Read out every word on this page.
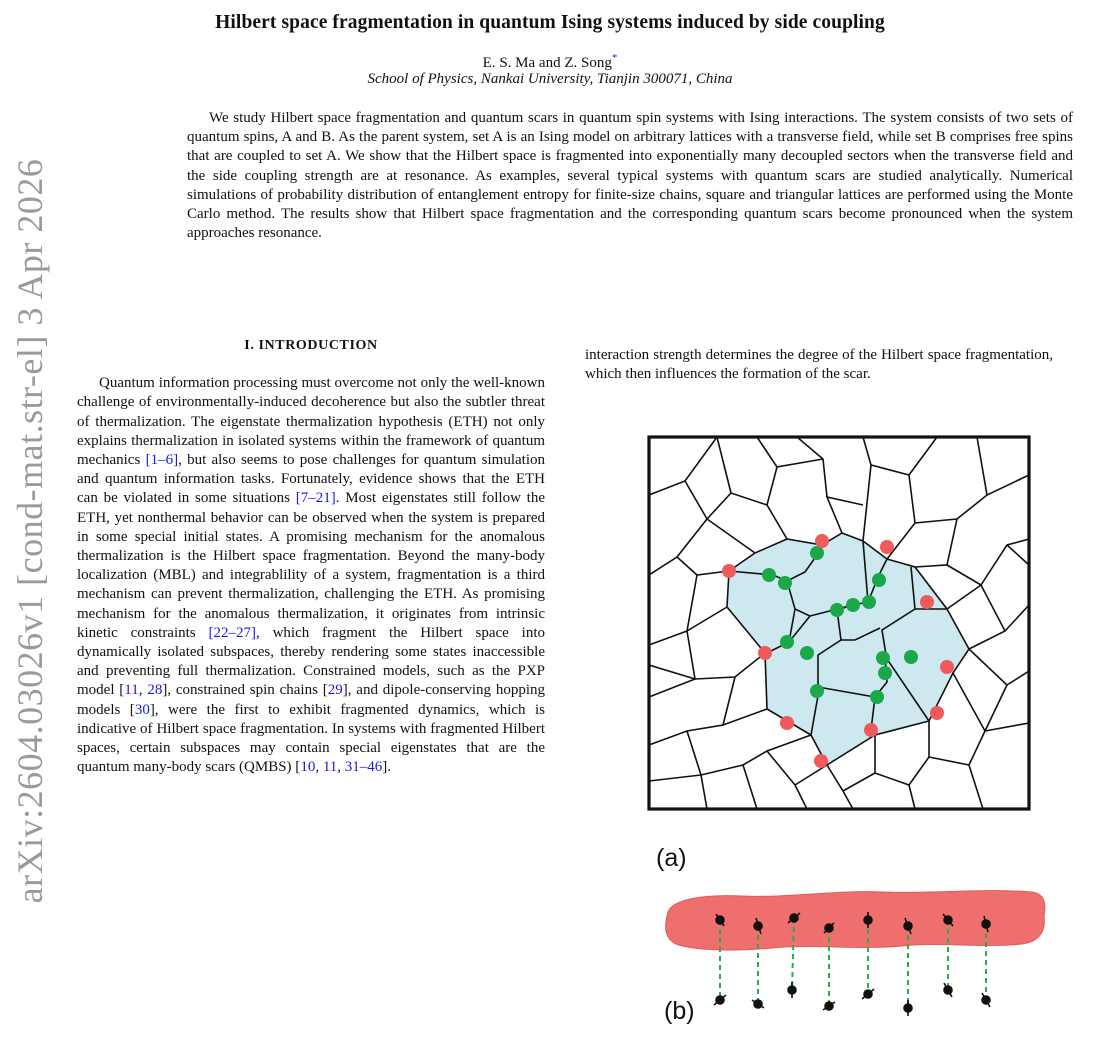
Hilbert space fragmentation in quantum Ising systems induced by side coupling
E. S. Ma and Z. Song*
School of Physics, Nankai University, Tianjin 300071, China
We study Hilbert space fragmentation and quantum scars in quantum spin systems with Ising interactions. The system consists of two sets of quantum spins, A and B. As the parent system, set A is an Ising model on arbitrary lattices with a transverse field, while set B comprises free spins that are coupled to set A. We show that the Hilbert space is fragmented into exponentially many decoupled sectors when the transverse field and the side coupling strength are at resonance. As examples, several typical systems with quantum scars are studied analytically. Numerical simulations of probability distribution of entanglement entropy for finite-size chains, square and triangular lattices are performed using the Monte Carlo method. The results show that Hilbert space fragmentation and the corresponding quantum scars become pronounced when the system approaches resonance.
arXiv:2604.03026v1 [cond-mat.str-el] 3 Apr 2026	I. INTRODUCTION

Quantum information processing must overcome not only the well-known challenge of environmentally-induced decoherence but also the subtler threat of thermalization. The eigenstate thermalization hypothesis (ETH) not only explains thermalization in isolated systems within the framework of quantum mechanics [1–6], but also seems to pose challenges for quantum simulation and quantum information tasks. Fortunately, evidence shows that the ETH can be violated in some situations [7–21]. Most eigenstates still follow the ETH, yet nonthermal behavior can be observed when the system is prepared in some special initial states. A promising mechanism for the anomalous thermalization is the Hilbert space fragmentation. Beyond the many-body localization (MBL) and integrablility of a system, fragmentation is a third mechanism can prevent thermalization, challenging the ETH. As promising mechanism for the anomalous thermalization, it originates from intrinsic kinetic constraints [22–27], which fragment the Hilbert space into dynamically isolated subspaces, thereby rendering some states inaccessible and preventing full thermalization. Constrained models, such as the PXP model [11, 28], constrained spin chains [29], and dipole-conserving hopping models [30], were the first to exhibit fragmented dynamics, which is indicative of Hilbert space fragmentation. In systems with fragmented Hilbert spaces, certain subspaces may contain special eigenstates that are the quantum many-body scars (QMBS) [10, 11, 31–46].

interaction strength determines the degree of the Hilbert space fragmentation, which then influences the formation of the scar.

(a)
(b)
